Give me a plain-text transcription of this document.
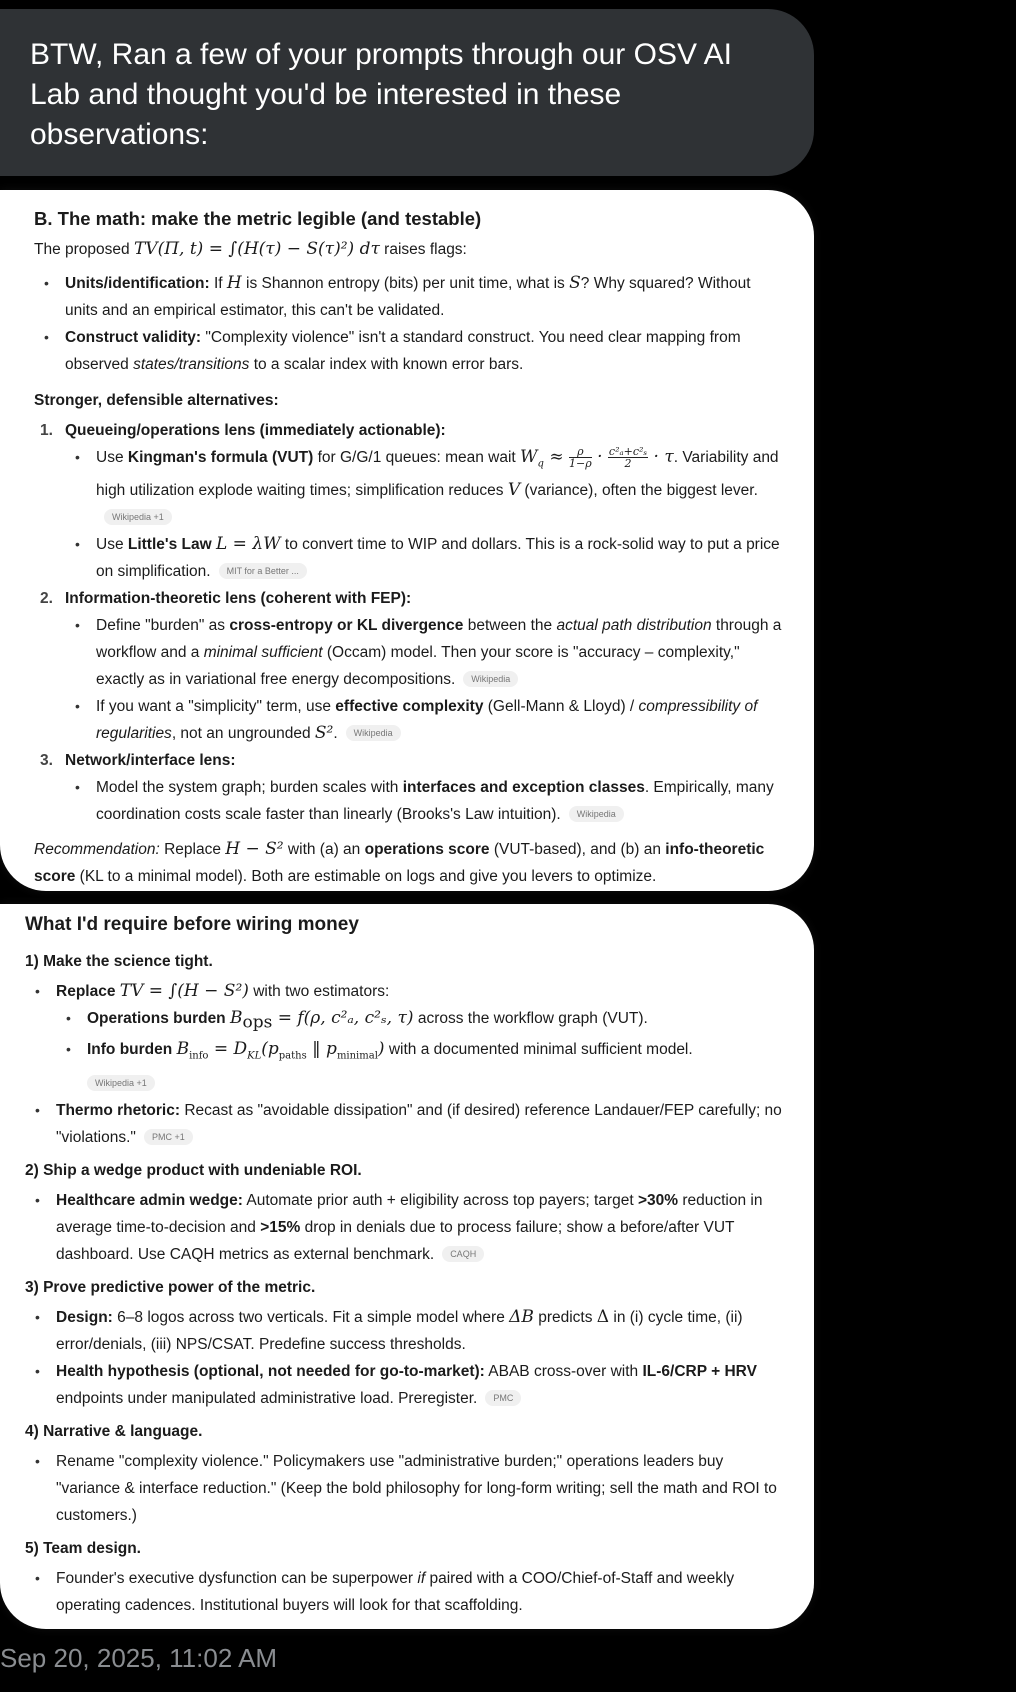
BTW, Ran a few of your prompts through our OSV AI Lab and thought you'd be interested in these observations:

B. The math: make the metric legible (and testable)

The proposed TV(Π, t) = ∫(H(τ) − S(τ)²) dτ raises flags:

• Units/identification: If H is Shannon entropy (bits) per unit time, what is S? Why squared? Without units and an empirical estimator, this can't be validated.
• Construct validity: "Complexity violence" isn't a standard construct. You need clear mapping from observed states/transitions to a scalar index with known error bars.

Stronger, defensible alternatives:

1. Queueing/operations lens (immediately actionable):
• Use Kingman's formula (VUT) for G/G/1 queues: mean wait $W_q \approx \frac{\rho}{1-\rho} \cdot \frac{\text{c²ₐ+c²ₛ}}{2} \cdot \tau$. Variability and high utilization explode waiting times; simplification reduces V (variance), often the biggest lever.Wikipedia +1
• Use Little's Law L = λW to convert time to WIP and dollars. This is a rock-solid way to put a price on simplification. MIT for a Better ...
2. Information-theoretic lens (coherent with FEP):
• Define "burden" as cross-entropy or KL divergence between the actual path distribution through a workflow and a minimal sufficient (Occam) model. Then your score is "accuracy – complexity," exactly as in variational free energy decompositions. Wikipedia
• If you want a "simplicity" term, use effective complexity (Gell-Mann & Lloyd) / compressibility of regularities, not an ungrounded S². Wikipedia
3. Network/interface lens:
• Model the system graph; burden scales with interfaces and exception classes. Empirically, many coordination costs scale faster than linearly (Brooks's Law intuition). Wikipedia

Recommendation: Replace H − S² with (a) an operations score (VUT-based), and (b) an info-theoretic score (KL to a minimal model). Both are estimable on logs and give you levers to optimize.

What I'd require before wiring money

1) Make the science tight.

• Replace TV = ∫(H − S²) with two estimators:
• Operations burden $B_{ops} = f(\rho$, c²ₐ, c²ₛ, τ) across the workflow graph (VUT).
• Info burden $B_{info} = D_{KL}(p_{paths}$ ‖ $p_{minimal}$) with a documented minimal sufficient model.
Wikipedia +1
• Thermo rhetoric: Recast as "avoidable dissipation" and (if desired) reference Landauer/FEP carefully; no "violations." PMC +1

2) Ship a wedge product with undeniable ROI.

• Healthcare admin wedge: Automate prior auth + eligibility across top payers; target >30% reduction in average time-to-decision and >15% drop in denials due to process failure; show a before/after VUT dashboard. Use CAQH metrics as external benchmark. CAQH

3) Prove predictive power of the metric.

• Design: 6–8 logos across two verticals. Fit a simple model where ΔB predicts Δ in (i) cycle time, (ii) error/denials, (iii) NPS/CSAT. Predefine success thresholds.
• Health hypothesis (optional, not needed for go-to-market): ABAB cross-over with IL-6/CRP + HRV endpoints under manipulated administrative load. Preregister. PMC

4) Narrative & language.

• Rename "complexity violence." Policymakers use "administrative burden;" operations leaders buy "variance & interface reduction." (Keep the bold philosophy for long-form writing; sell the math and ROI to customers.)

5) Team design.

• Founder's executive dysfunction can be superpower if paired with a COO/Chief-of-Staff and weekly operating cadences. Institutional buyers will look for that scaffolding.
Sep 20, 2025, 11:02 AM
